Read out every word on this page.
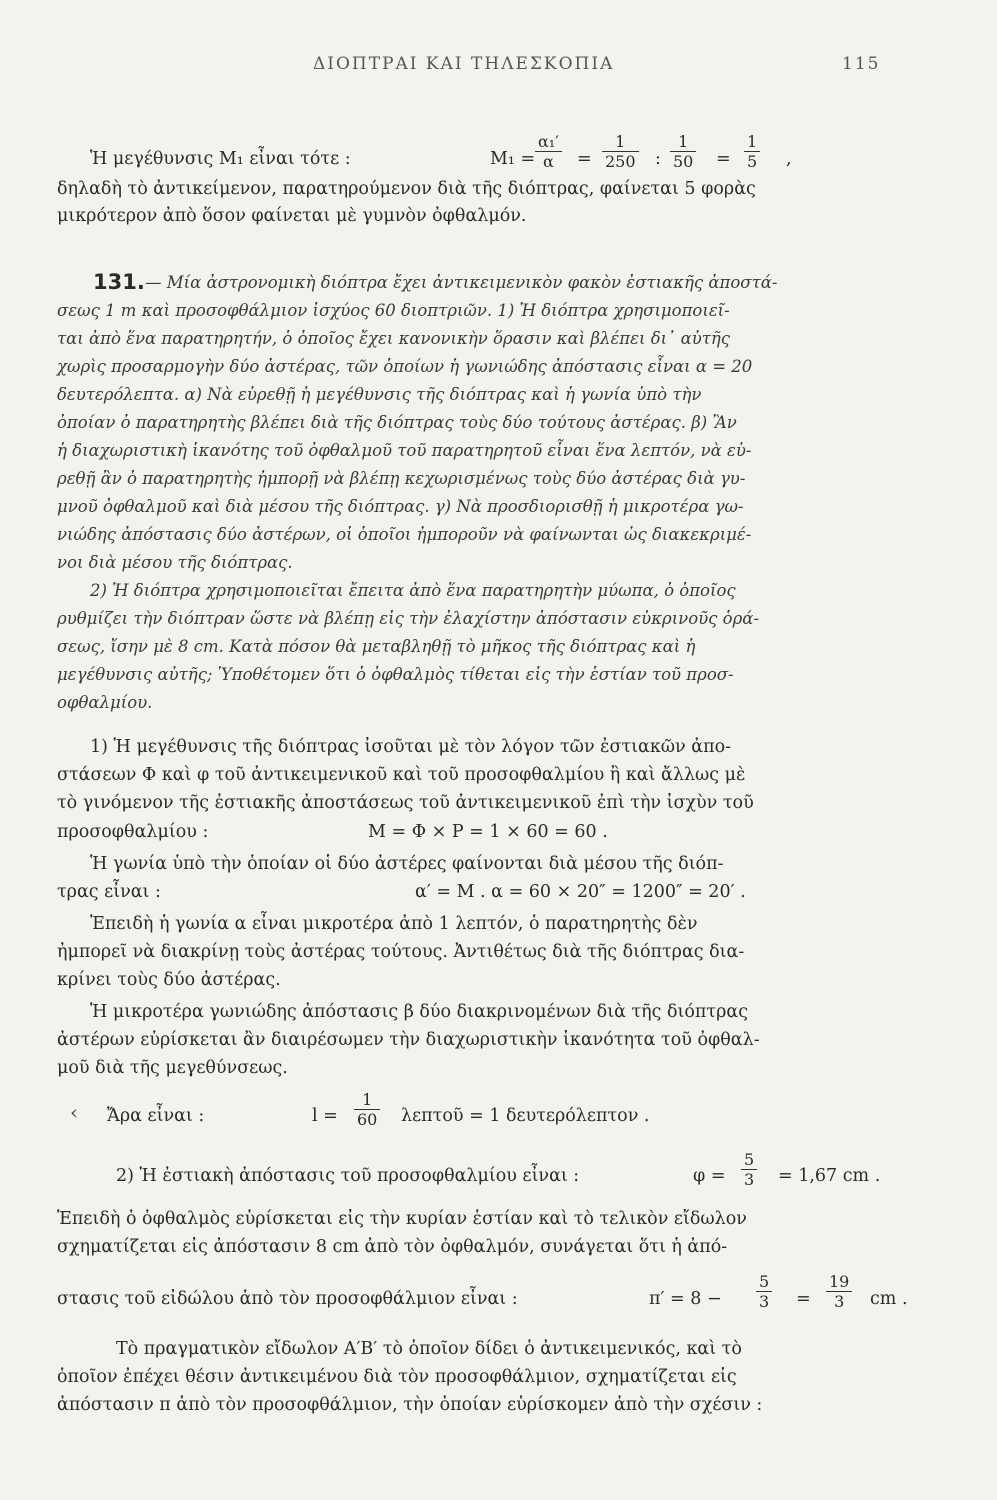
ΔΙΟΠΤΡΑΙ ΚΑΙ ΤΗΛΕΣΚΟΠΙΑ	115
Ἡ μεγέθυνσις M₁ εἶναι τότε :	$M_1 = \frac{\text{α₁′}}{\alpha} = \frac{1}{250}$ : $\frac{1}{50} = \frac{1}{5}$ ,
δηλαδὴ τὸ ἀντικείμενον, παρατηρούμενον διὰ τῆς διόπτρας, φαίνεται 5 φορὰς
μικρότερον ἀπὸ ὅσον φαίνεται μὲ γυμνὸν ὀφθαλμόν.
131. — Μία ἀστρονομικὴ διόπτρα ἔχει ἀντικειμενικὸν φακὸν ἐστιακῆς ἀποστά-
σεως 1 m καὶ προσοφθάλμιον ἰσχύος 60 διοπτριῶν. 1) Ἡ διόπτρα χρησιμοποιεῖ-
ται ἀπὸ ἕνα παρατηρητήν, ὁ ὁποῖος ἔχει κανονικὴν ὅρασιν καὶ βλέπει δι᾽ αὐτῆς
χωρὶς προσαρμογὴν δύο ἀστέρας, τῶν ὁποίων ἡ γωνιώδης ἀπόστασις εἶναι α = 20
δευτερόλεπτα. α) Νὰ εὑρεθῇ ἡ μεγέθυνσις τῆς διόπτρας καὶ ἡ γωνία ὑπὸ τὴν
ὁποίαν ὁ παρατηρητὴς βλέπει διὰ τῆς διόπτρας τοὺς δύο τούτους ἀστέρας. β) Ἂν
ἡ διαχωριστικὴ ἱκανότης τοῦ ὀφθαλμοῦ τοῦ παρατηρητοῦ εἶναι ἕνα λεπτόν, νὰ εὑ-
ρεθῇ ἂν ὁ παρατηρητὴς ἠμπορῇ νὰ βλέπῃ κεχωρισμένως τοὺς δύο ἀστέρας διὰ γυ-
μνοῦ ὀφθαλμοῦ καὶ διὰ μέσου τῆς διόπτρας. γ) Νὰ προσδιορισθῇ ἡ μικροτέρα γω-
νιώδης ἀπόστασις δύο ἀστέρων, οἱ ὁποῖοι ἠμποροῦν νὰ φαίνωνται ὡς διακεκριμέ-
νοι διὰ μέσου τῆς διόπτρας.
2) Ἡ διόπτρα χρησιμοποιεῖται ἔπειτα ἀπὸ ἕνα παρατηρητὴν μύωπα, ὁ ὁποῖος
ρυθμίζει τὴν διόπτραν ὥστε νὰ βλέπῃ εἰς τὴν ἐλαχίστην ἀπόστασιν εὐκρινοῦς ὁρά-
σεως, ἴσην μὲ 8 cm. Κατὰ πόσον θὰ μεταβληθῇ τὸ μῆκος τῆς διόπτρας καὶ ἡ
μεγέθυνσις αὐτῆς; Ὑποθέτομεν ὅτι ὁ ὀφθαλμὸς τίθεται εἰς τὴν ἑστίαν τοῦ προσ-
οφθαλμίου.
1) Ἡ μεγέθυνσις τῆς διόπτρας ἰσοῦται μὲ τὸν λόγον τῶν ἐστιακῶν ἀπο-
στάσεων Φ καὶ φ τοῦ ἀντικειμενικοῦ καὶ τοῦ προσοφθαλμίου ἢ καὶ ἄλλως μὲ
τὸ γινόμενον τῆς ἐστιακῆς ἀποστάσεως τοῦ ἀντικειμενικοῦ ἐπὶ τὴν ἰσχὺν τοῦ
προσοφθαλμίου :	M = Φ × P = 1 × 60 = 60 .
Ἡ γωνία ὑπὸ τὴν ὁποίαν οἱ δύο ἀστέρες φαίνονται διὰ μέσου τῆς διόπ-
τρας εἶναι :	α′ = M . α = 60 × 20″ = 1200″ = 20′ .
Ἐπειδὴ ἡ γωνία α εἶναι μικροτέρα ἀπὸ 1 λεπτόν, ὁ παρατηρητὴς δὲν
ἠμπορεῖ νὰ διακρίνῃ τοὺς ἀστέρας τούτους. Ἀντιθέτως διὰ τῆς διόπτρας δια-
κρίνει τοὺς δύο ἀστέρας.
Ἡ μικροτέρα γωνιώδης ἀπόστασις β δύο διακρινομένων διὰ τῆς διόπτρας
ἀστέρων εὑρίσκεται ἂν διαιρέσωμεν τὴν διαχωριστικὴν ἱκανότητα τοῦ ὀφθαλ-
μοῦ διὰ τῆς μεγεθύνσεως.
‹ Ἄρα εἶναι :	$l = \frac{1}{60}$ λεπτοῦ = 1 δευτερόλεπτον .
2) Ἡ ἐστιακὴ ἀπόστασις τοῦ προσοφθαλμίου εἶναι :	$\varphi = \frac{5}{3} = 1,67$ cm .
Ἐπειδὴ ὁ ὀφθαλμὸς εὑρίσκεται εἰς τὴν κυρίαν ἑστίαν καὶ τὸ τελικὸν εἴδωλον
σχηματίζεται εἰς ἀπόστασιν 8 cm ἀπὸ τὸν ὀφθαλμόν, συνάγεται ὅτι ἡ ἀπό-
στασις τοῦ εἰδώλου ἀπὸ τὸν προσοφθάλμιον εἶναι :	$\pi' = 8 - \frac{5}{3} = \frac{19}{3}$ cm .
Τὸ πραγματικὸν εἴδωλον A′B′ τὸ ὁποῖον δίδει ὁ ἀντικειμενικός, καὶ τὸ
ὁποῖον ἐπέχει θέσιν ἀντικειμένου διὰ τὸν προσοφθάλμιον, σχηματίζεται εἰς
ἀπόστασιν π ἀπὸ τὸν προσοφθάλμιον, τὴν ὁποίαν εὑρίσκομεν ἀπὸ τὴν σχέσιν :
